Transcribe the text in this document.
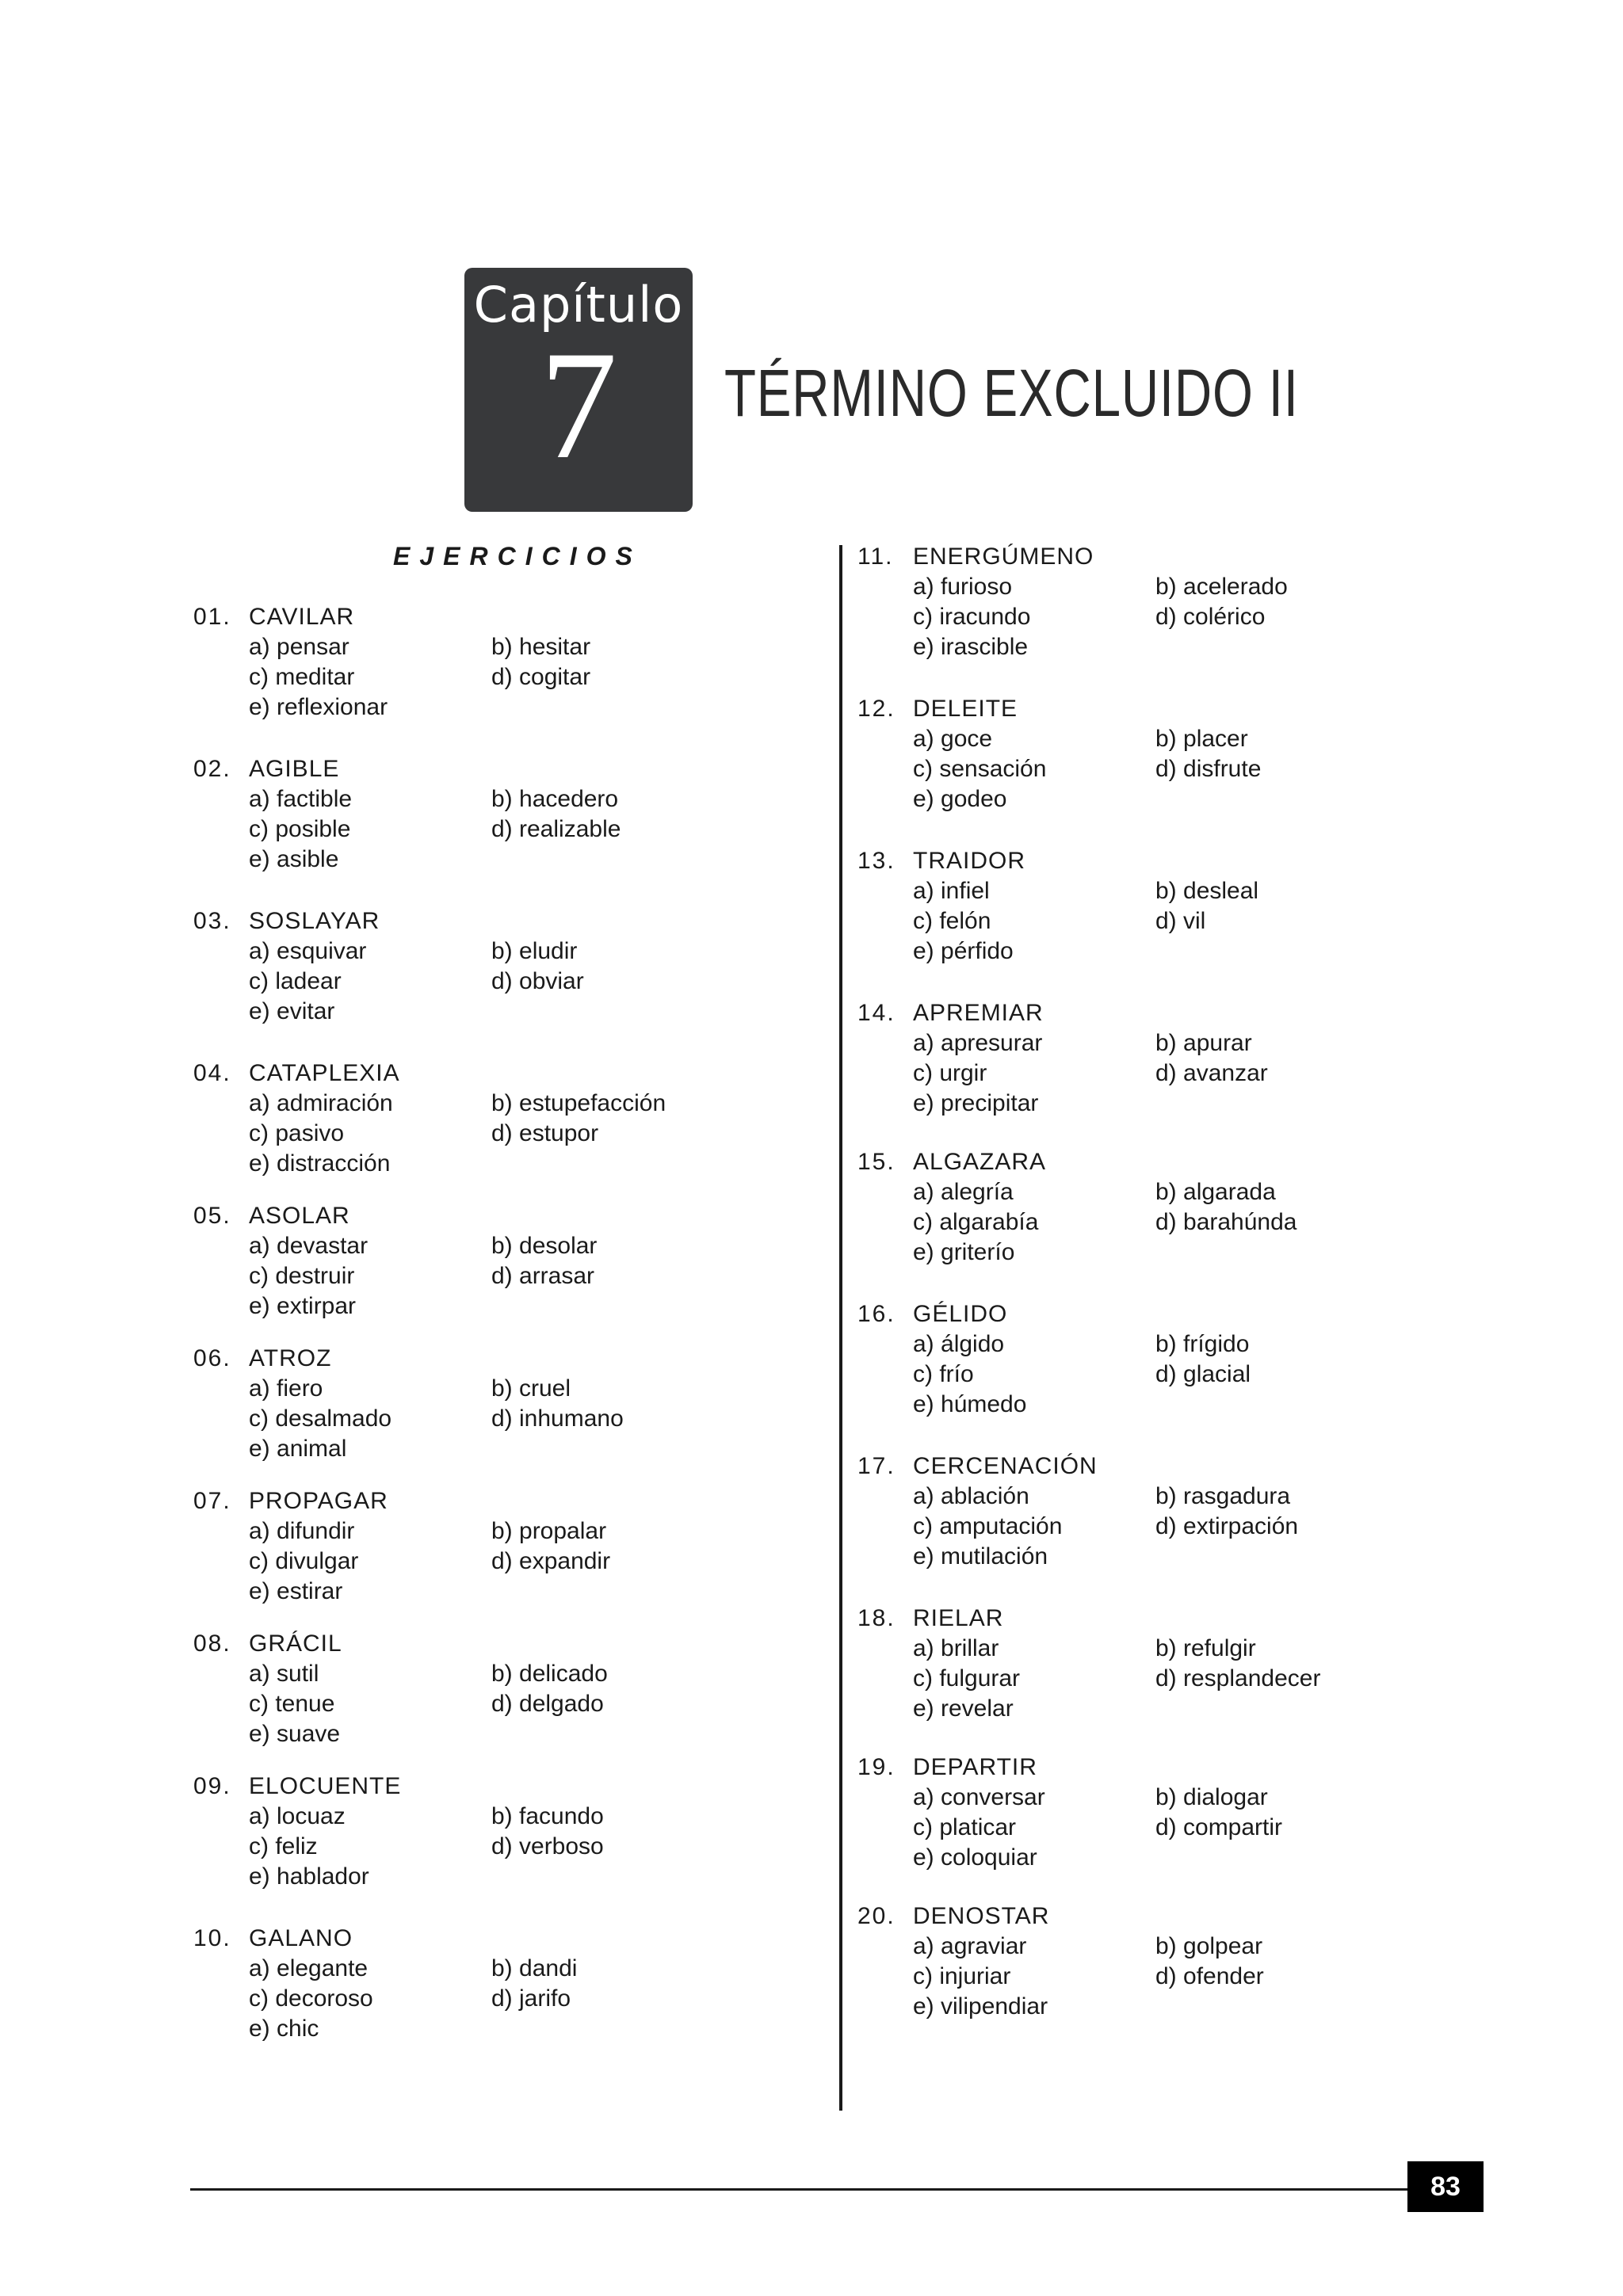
Capítulo
7	TÉRMINO EXCLUIDO II
EJERCICIOS
01. CAVILAR
a) pensar	b) hesitar
c) meditar	d) cogitar
e) reflexionar
02. AGIBLE
a) factible	b) hacedero
c) posible	d) realizable
e) asible
03. SOSLAYAR
a) esquivar	b) eludir
c) ladear	d) obviar
e) evitar
04. CATAPLEXIA
a) admiración	b) estupefacción
c) pasivo	d) estupor
e) distracción
05. ASOLAR
a) devastar	b) desolar
c) destruir	d) arrasar
e) extirpar
06. ATROZ
a) fiero	b) cruel
c) desalmado	d) inhumano
e) animal
07. PROPAGAR
a) difundir	b) propalar
c) divulgar	d) expandir
e) estirar
08. GRÁCIL
a) sutil	b) delicado
c) tenue	d) delgado
e) suave
09. ELOCUENTE
a) locuaz	b) facundo
c) feliz	d) verboso
e) hablador
10. GALANO
a) elegante	b) dandi
c) decoroso	d) jarifo
e) chic
11. ENERGÚMENO
a) furioso	b) acelerado
c) iracundo	d) colérico
e) irascible
12. DELEITE
a) goce	b) placer
c) sensación	d) disfrute
e) godeo
13. TRAIDOR
a) infiel	b) desleal
c) felón	d) vil
e) pérfido
14. APREMIAR
a) apresurar	b) apurar
c) urgir	d) avanzar
e) precipitar
15. ALGAZARA
a) alegría	b) algarada
c) algarabía	d) barahúnda
e) griterío
16. GÉLIDO
a) álgido	b) frígido
c) frío	d) glacial
e) húmedo
17. CERCENACIÓN
a) ablación	b) rasgadura
c) amputación	d) extirpación
e) mutilación
18. RIELAR
a) brillar	b) refulgir
c) fulgurar	d) resplandecer
e) revelar
19. DEPARTIR
a) conversar	b) dialogar
c) platicar	d) compartir
e) coloquiar
20. DENOSTAR
a) agraviar	b) golpear
c) injuriar	d) ofender
e) vilipendiar
83
